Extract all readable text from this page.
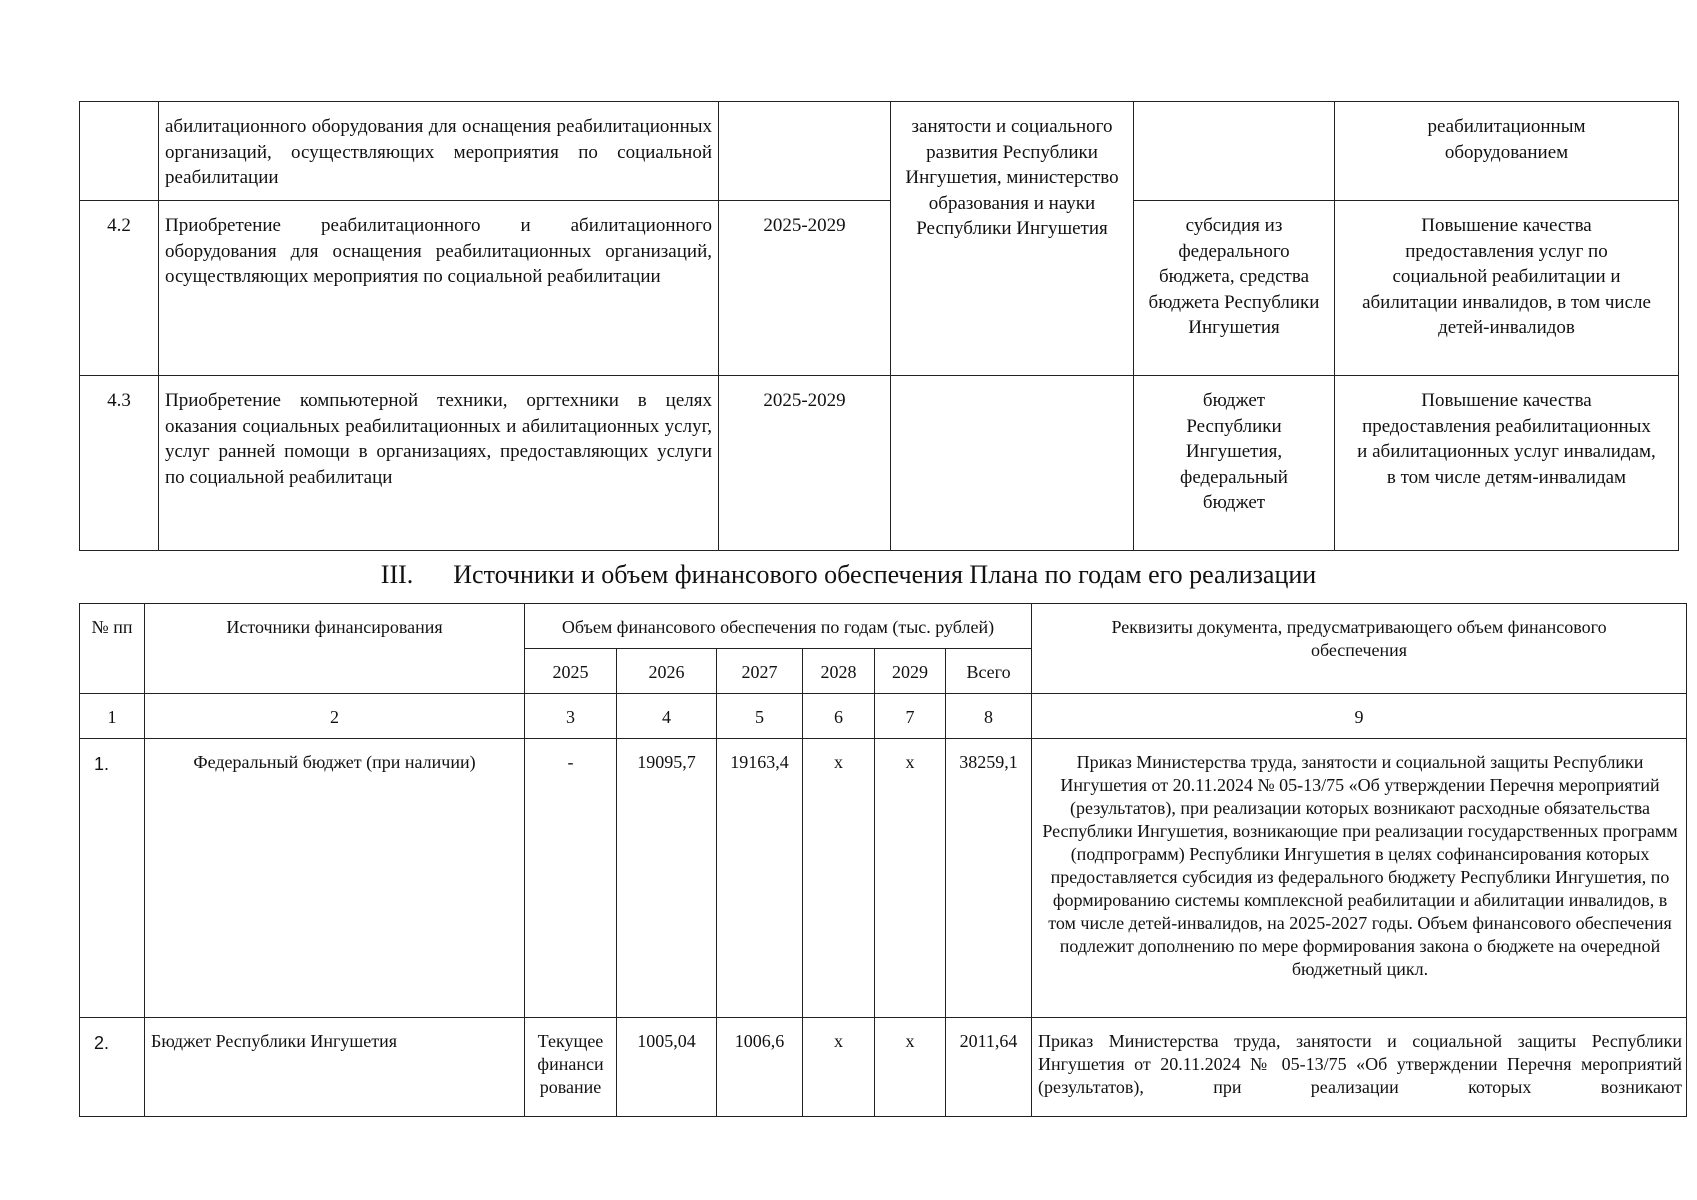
	абилитационного оборудования для оснащения реабилитационных организаций, осуществляющих мероприятия по социальной реабилитации		занятости и социального развития Республики Ингушетия, министерство образования и науки Республики Ингушетия		реабилитационным оборудованием
4.2	Приобретение реабилитационного и абилитационного оборудования для оснащения реабилитационных организаций, осуществляющих мероприятия по социальной реабилитации	2025-2029		субсидия из федерального бюджета, средства бюджета Республики Ингушетия	Повышение качества предоставления услуг по социальной реабилитации и абилитации инвалидов, в том числе детей-инвалидов
4.3	Приобретение компьютерной техники, оргтехники в целях оказания социальных реабилитационных и абилитационных услуг, услуг ранней помощи в организациях, предоставляющих услуги по социальной реабилитаци	2025-2029		бюджет Республики Ингушетия, федеральный бюджет	Повышение качества предоставления реабилитационных и абилитационных услуг инвалидам, в том числе детям-инвалидам
III. Источники и объем финансового обеспечения Плана по годам его реализации
№ пп	Источники финансирования	Объем финансового обеспечения по годам (тыс. рублей)						Реквизиты документа, предусматривающего объем финансового обеспечения
		2025	2026	2027	2028	2029	Всего	
1	2	3	4	5	6	7	8	9
1.	Федеральный бюджет (при наличии)	-	19095,7	19163,4	х	х	38259,1	Приказ Министерства труда, занятости и социальной защиты Республики Ингушетия от 20.11.2024 № 05-13/75 «Об утверждении Перечня мероприятий (результатов), при реализации которых возникают расходные обязательства Республики Ингушетия, возникающие при реализации государственных программ (подпрограмм) Республики Ингушетия в целях софинансирования которых предоставляется субсидия из федерального бюджету Республики Ингушетия, по формированию системы комплексной реабилитации и абилитации инвалидов, в том числе детей-инвалидов, на 2025-2027 годы. Объем финансового обеспечения подлежит дополнению по мере формирования закона о бюджете на очередной бюджетный цикл.
2.	Бюджет Республики Ингушетия	Текущее финанси рование	1005,04	1006,6	х	х	2011,64	Приказ Министерства труда, занятости и социальной защиты Республики Ингушетия от 20.11.2024 № 05-13/75 «Об утверждении Перечня мероприятий (результатов), при реализации которых возникают
